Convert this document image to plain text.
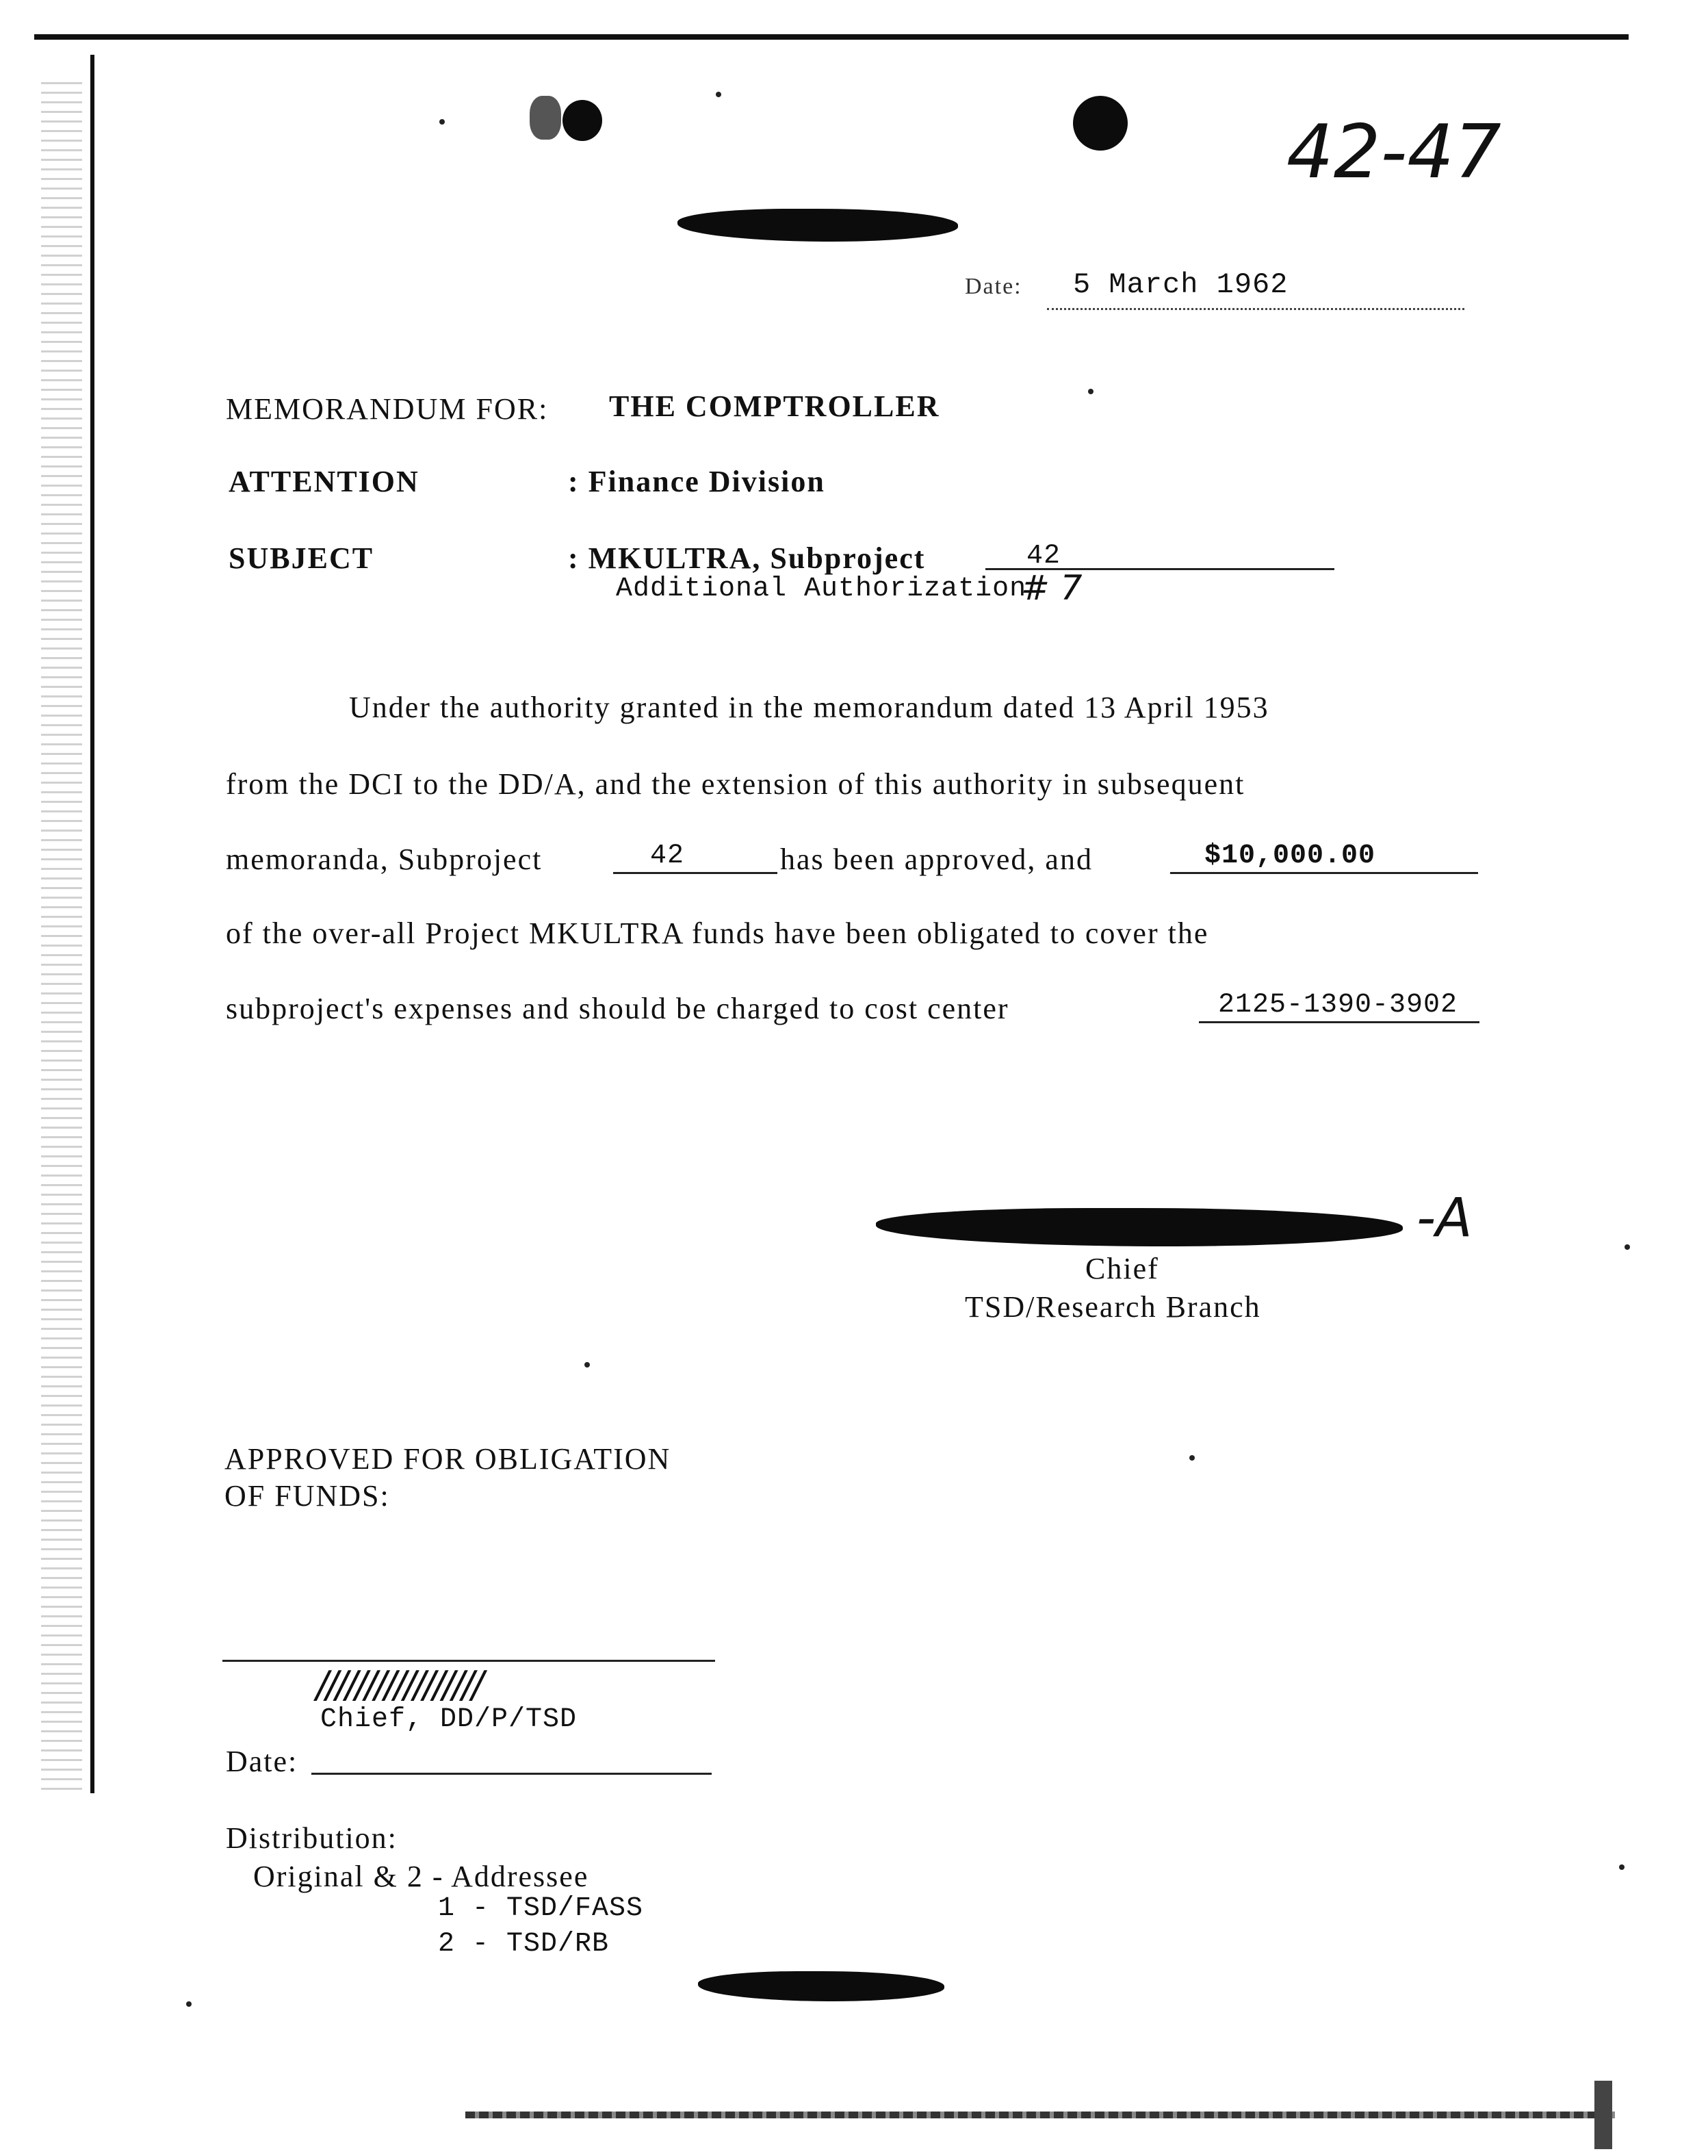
42-47
Date: 5 March 1962
MEMORANDUM FOR: THE COMPTROLLER
ATTENTION	: Finance Division
SUBJECT	: MKULTRA, Subproject	42
Additional Authorization
# 7
Under the authority granted in the memorandum dated 13 April 1953
from the DCI to the DD/A, and the extension of this authority in subsequent
memoranda, Subproject	42	has been approved, and	$10,000.00
of the over-all Project MKULTRA funds have been obligated to cover the
subproject's expenses and should be charged to cost center	2125-1390-3902
-A
Chief
TSD/Research Branch
APPROVED FOR OBLIGATION
OF FUNDS:
/////////////////
Chief, DD/P/TSD
Date:
Distribution:
Original & 2 - Addressee
1 - TSD/FASS
2 - TSD/RB
